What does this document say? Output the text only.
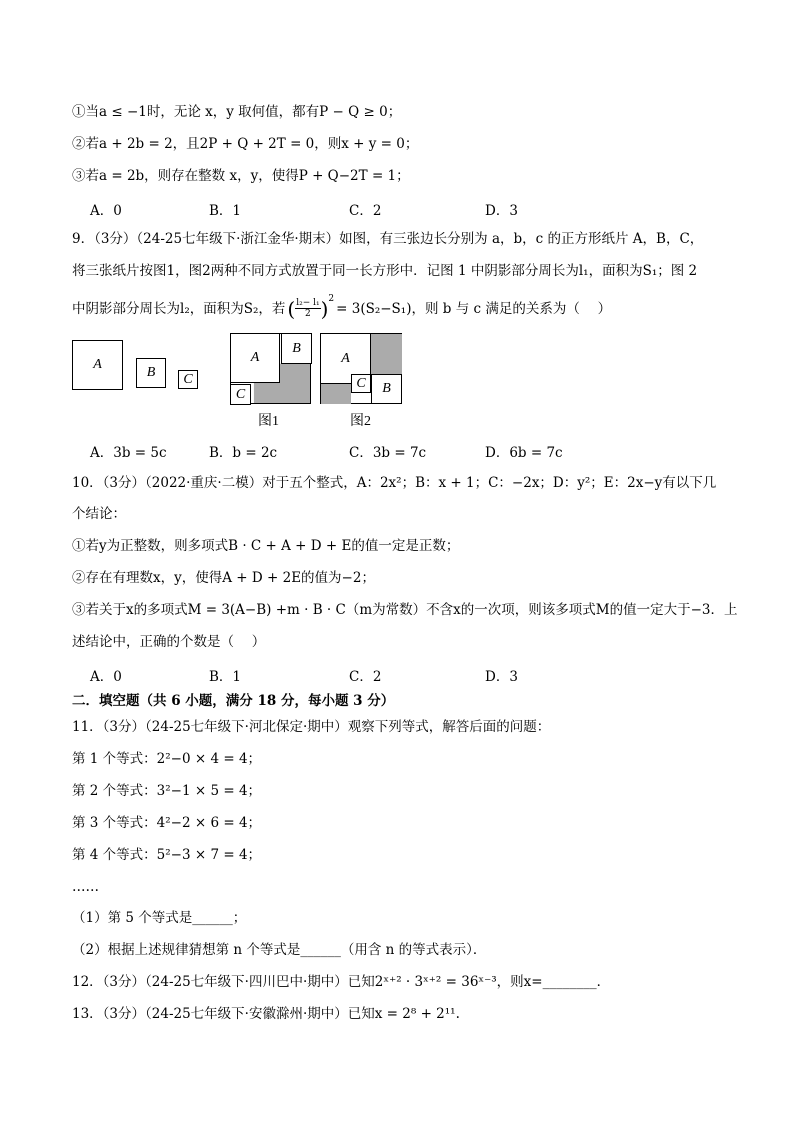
①当a ≤ −1时，无论 x，y 取何值，都有P − Q ≥ 0；
②若a + 2b = 2，且2P + Q + 2T = 0，则x + y = 0；
③若a = 2b，则存在整数 x，y，使得P + Q−2T = 1；
A．0	B．1	C．2	D．3
9．（3分）（24-25七年级下·浙江金华·期末）如图，有三张边长分别为 a，b，c 的正方形纸片 A，B，C，
将三张纸片按图1，图2两种不同方式放置于同一长方形中．记图 1 中阴影部分周长为l₁，面积为S₁；图 2
中阴影部分周长为l₂，面积为S₂，若 ( $\frac{\text{l₂− l₁}}{2}$ ) 2
= 3(S₂−S₁)，则 b 与 c 满足的关系为（　 ）
A
B	C
A
B
C
图1
A
B
C
图2
A．3b = 5c	B．b = 2c	C．3b = 7c	D．6b = 7c
10．（3分）（2022·重庆·二模）对于五个整式，A：2x²；B：x + 1；C：−2x；D：y²；E：2x−y有以下几
个结论：
①若y为正整数，则多项式B · C + A + D + E的值一定是正数；
②存在有理数x，y，使得A + D + 2E的值为−2；
③若关于x的多项式M = 3(A−B) +m · B · C（m为常数）不含x的一次项，则该多项式M的值一定大于−3．上
述结论中，正确的个数是（　 ）
A．0	B．1	C．2	D．3
二．填空题（共 6 小题，满分 18 分，每小题 3 分）
11．（3分）（24-25七年级下·河北保定·期中）观察下列等式，解答后面的问题：
第 1 个等式：2²−0 × 4 = 4；
第 2 个等式：3²−1 × 5 = 4；
第 3 个等式：4²−2 × 6 = 4；
第 4 个等式：5²−3 × 7 = 4；
……
（1）第 5 个等式是______；
（2）根据上述规律猜想第 n 个等式是______（用含 n 的等式表示）．
12．（3分）（24-25七年级下·四川巴中·期中）已知2ˣ⁺² · 3ˣ⁺² = 36ˣ⁻³，则x=________．
13．（3分）（24-25七年级下·安徽滁州·期中）已知x = 2⁸ + 2¹¹.
